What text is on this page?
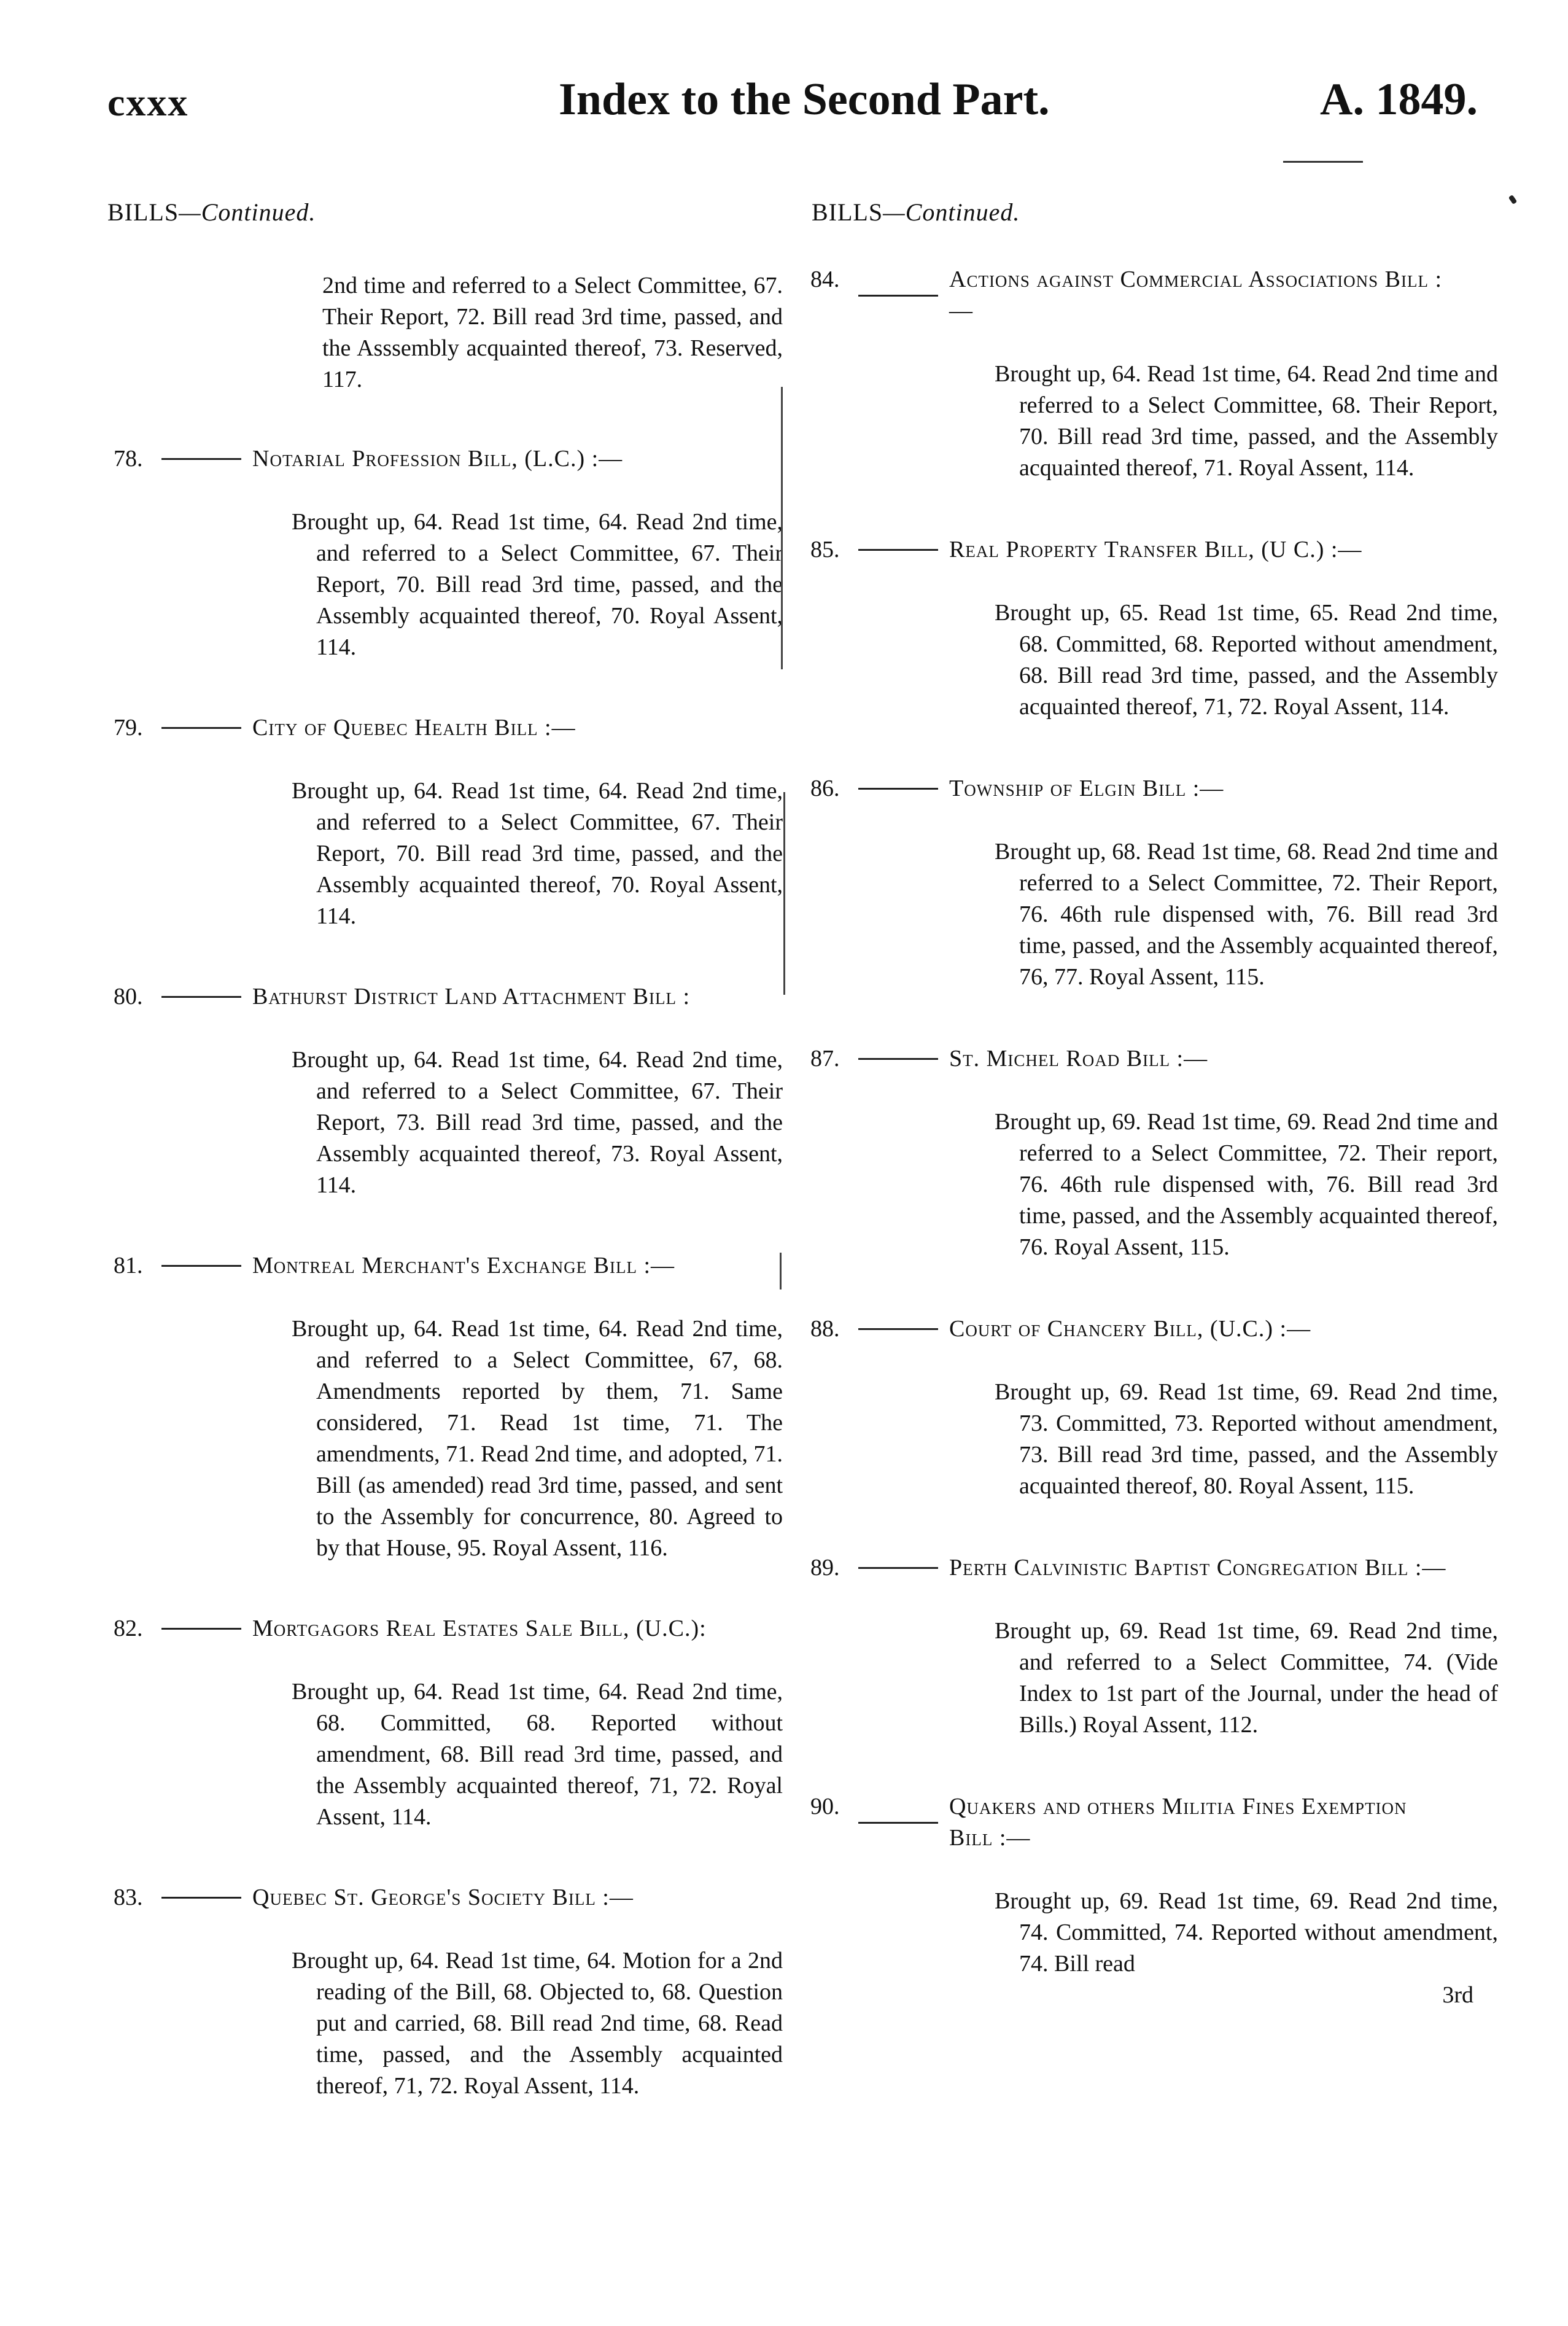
cxxx	Index to the Second Part.	A. 1849.
BILLS—Continued.	BILLS—Continued.
2nd time and referred to a Select Committee, 67. Their Report, 72. Bill read 3rd time, passed, and the Asssembly acquainted thereof, 73. Reserved, 117.
78.	Notarial Profession Bill, (L.C.) :—
Brought up, 64. Read 1st time, 64. Read 2nd time, and referred to a Select Committee, 67. Their Report, 70. Bill read 3rd time, passed, and the Assembly acquainted thereof, 70. Royal Assent, 114.
79.	City of Quebec Health Bill :—
Brought up, 64. Read 1st time, 64. Read 2nd time, and referred to a Select Committee, 67. Their Report, 70. Bill read 3rd time, passed, and the Assembly acquainted thereof, 70. Royal Assent, 114.
80.	Bathurst District Land Attachment Bill :
Brought up, 64. Read 1st time, 64. Read 2nd time, and referred to a Select Committee, 67. Their Report, 73. Bill read 3rd time, passed, and the Assembly acquainted thereof, 73. Royal Assent, 114.
81.	Montreal Merchant's Exchange Bill :—
Brought up, 64. Read 1st time, 64. Read 2nd time, and referred to a Select Committee, 67, 68. Amendments reported by them, 71. Same considered, 71. Read 1st time, 71. The amendments, 71. Read 2nd time, and adopted, 71. Bill (as amended) read 3rd time, passed, and sent to the Assembly for concurrence, 80. Agreed to by that House, 95. Royal Assent, 116.
82.	Mortgagors Real Estates Sale Bill, (U.C.):
Brought up, 64. Read 1st time, 64. Read 2nd time, 68. Committed, 68. Reported without amendment, 68. Bill read 3rd time, passed, and the Assembly acquainted thereof, 71, 72. Royal Assent, 114.
83.	Quebec St. George's Society Bill :—
Brought up, 64. Read 1st time, 64. Motion for a 2nd reading of the Bill, 68. Objected to, 68. Question put and carried, 68. Bill read 2nd time, 68. Read time, passed, and the Assembly acquainted thereof, 71, 72. Royal Assent, 114.
84.	Actions against Commercial Associations Bill :—
Brought up, 64. Read 1st time, 64. Read 2nd time and referred to a Select Committee, 68. Their Report, 70. Bill read 3rd time, passed, and the Assembly acquainted thereof, 71. Royal Assent, 114.
85.	Real Property Transfer Bill, (U C.) :—
Brought up, 65. Read 1st time, 65. Read 2nd time, 68. Committed, 68. Reported without amendment, 68. Bill read 3rd time, passed, and the Assembly acquainted thereof, 71, 72. Royal Assent, 114.
86.	Township of Elgin Bill :—
Brought up, 68. Read 1st time, 68. Read 2nd time and referred to a Select Committee, 72. Their Report, 76. 46th rule dispensed with, 76. Bill read 3rd time, passed, and the Assembly acquainted thereof, 76, 77. Royal Assent, 115.
87.	St. Michel Road Bill :—
Brought up, 69. Read 1st time, 69. Read 2nd time and referred to a Select Committee, 72. Their report, 76. 46th rule dispensed with, 76. Bill read 3rd time, passed, and the Assembly acquainted thereof, 76. Royal Assent, 115.
88.	Court of Chancery Bill, (U.C.) :—
Brought up, 69. Read 1st time, 69. Read 2nd time, 73. Committed, 73. Reported without amendment, 73. Bill read 3rd time, passed, and the Assembly acquainted thereof, 80. Royal Assent, 115.
89.	Perth Calvinistic Baptist Congregation Bill :—
Brought up, 69. Read 1st time, 69. Read 2nd time, and referred to a Select Committee, 74. (Vide Index to 1st part of the Journal, under the head of Bills.) Royal Assent, 112.
90.	Quakers and others Militia Fines Exemption Bill :—
Brought up, 69. Read 1st time, 69. Read 2nd time, 74. Committed, 74. Reported without amendment, 74. Bill read
3rd
